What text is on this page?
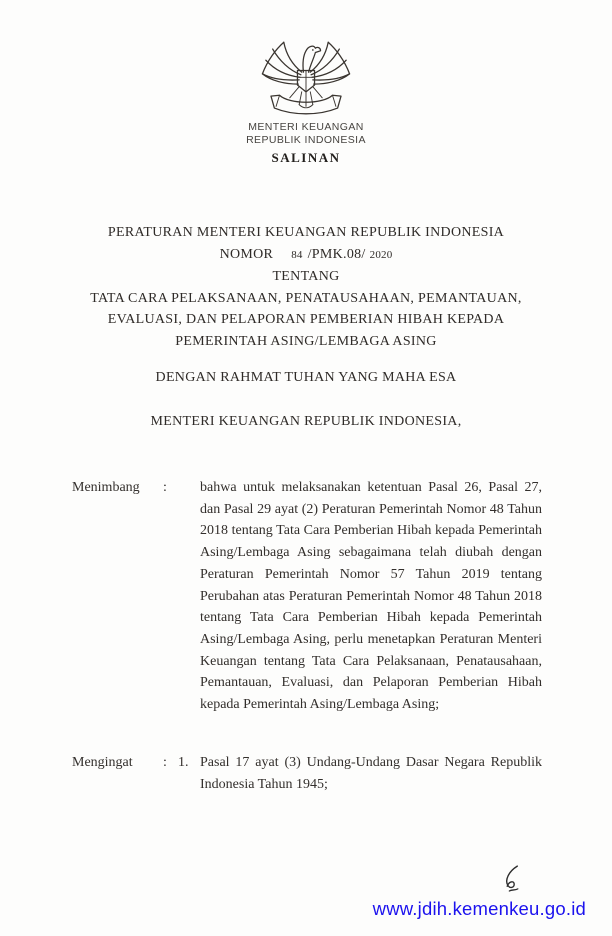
MENTERI KEUANGAN
REPUBLIK INDONESIA
SALINAN
PERATURAN MENTERI KEUANGAN REPUBLIK INDONESIA
NOMOR 84 /PMK.08/ 2020
TENTANG
TATA CARA PELAKSANAAN, PENATAUSAHAAN, PEMANTAUAN,
EVALUASI, DAN PELAPORAN PEMBERIAN HIBAH KEPADA
PEMERINTAH ASING/LEMBAGA ASING
DENGAN RAHMAT TUHAN YANG MAHA ESA
MENTERI KEUANGAN REPUBLIK INDONESIA,
Menimbang	:	bahwa untuk melaksanakan ketentuan Pasal 26, Pasal 27, dan Pasal 29 ayat (2) Peraturan Pemerintah Nomor 48 Tahun 2018 tentang Tata Cara Pemberian Hibah kepada Pemerintah Asing/Lembaga Asing sebagaimana telah diubah dengan Peraturan Pemerintah Nomor 57 Tahun 2019 tentang Perubahan atas Peraturan Pemerintah Nomor 48 Tahun 2018 tentang Tata Cara Pemberian Hibah kepada Pemerintah Asing/Lembaga Asing, perlu menetapkan Peraturan Menteri Keuangan tentang Tata Cara Pelaksanaan, Penatausahaan, Pemantauan, Evaluasi, dan Pelaporan Pemberian Hibah kepada Pemerintah Asing/Lembaga Asing;
Mengingat	: 1. Pasal 17 ayat (3) Undang-Undang Dasar Negara Republik Indonesia Tahun 1945;
www.jdih.kemenkeu.go.id
